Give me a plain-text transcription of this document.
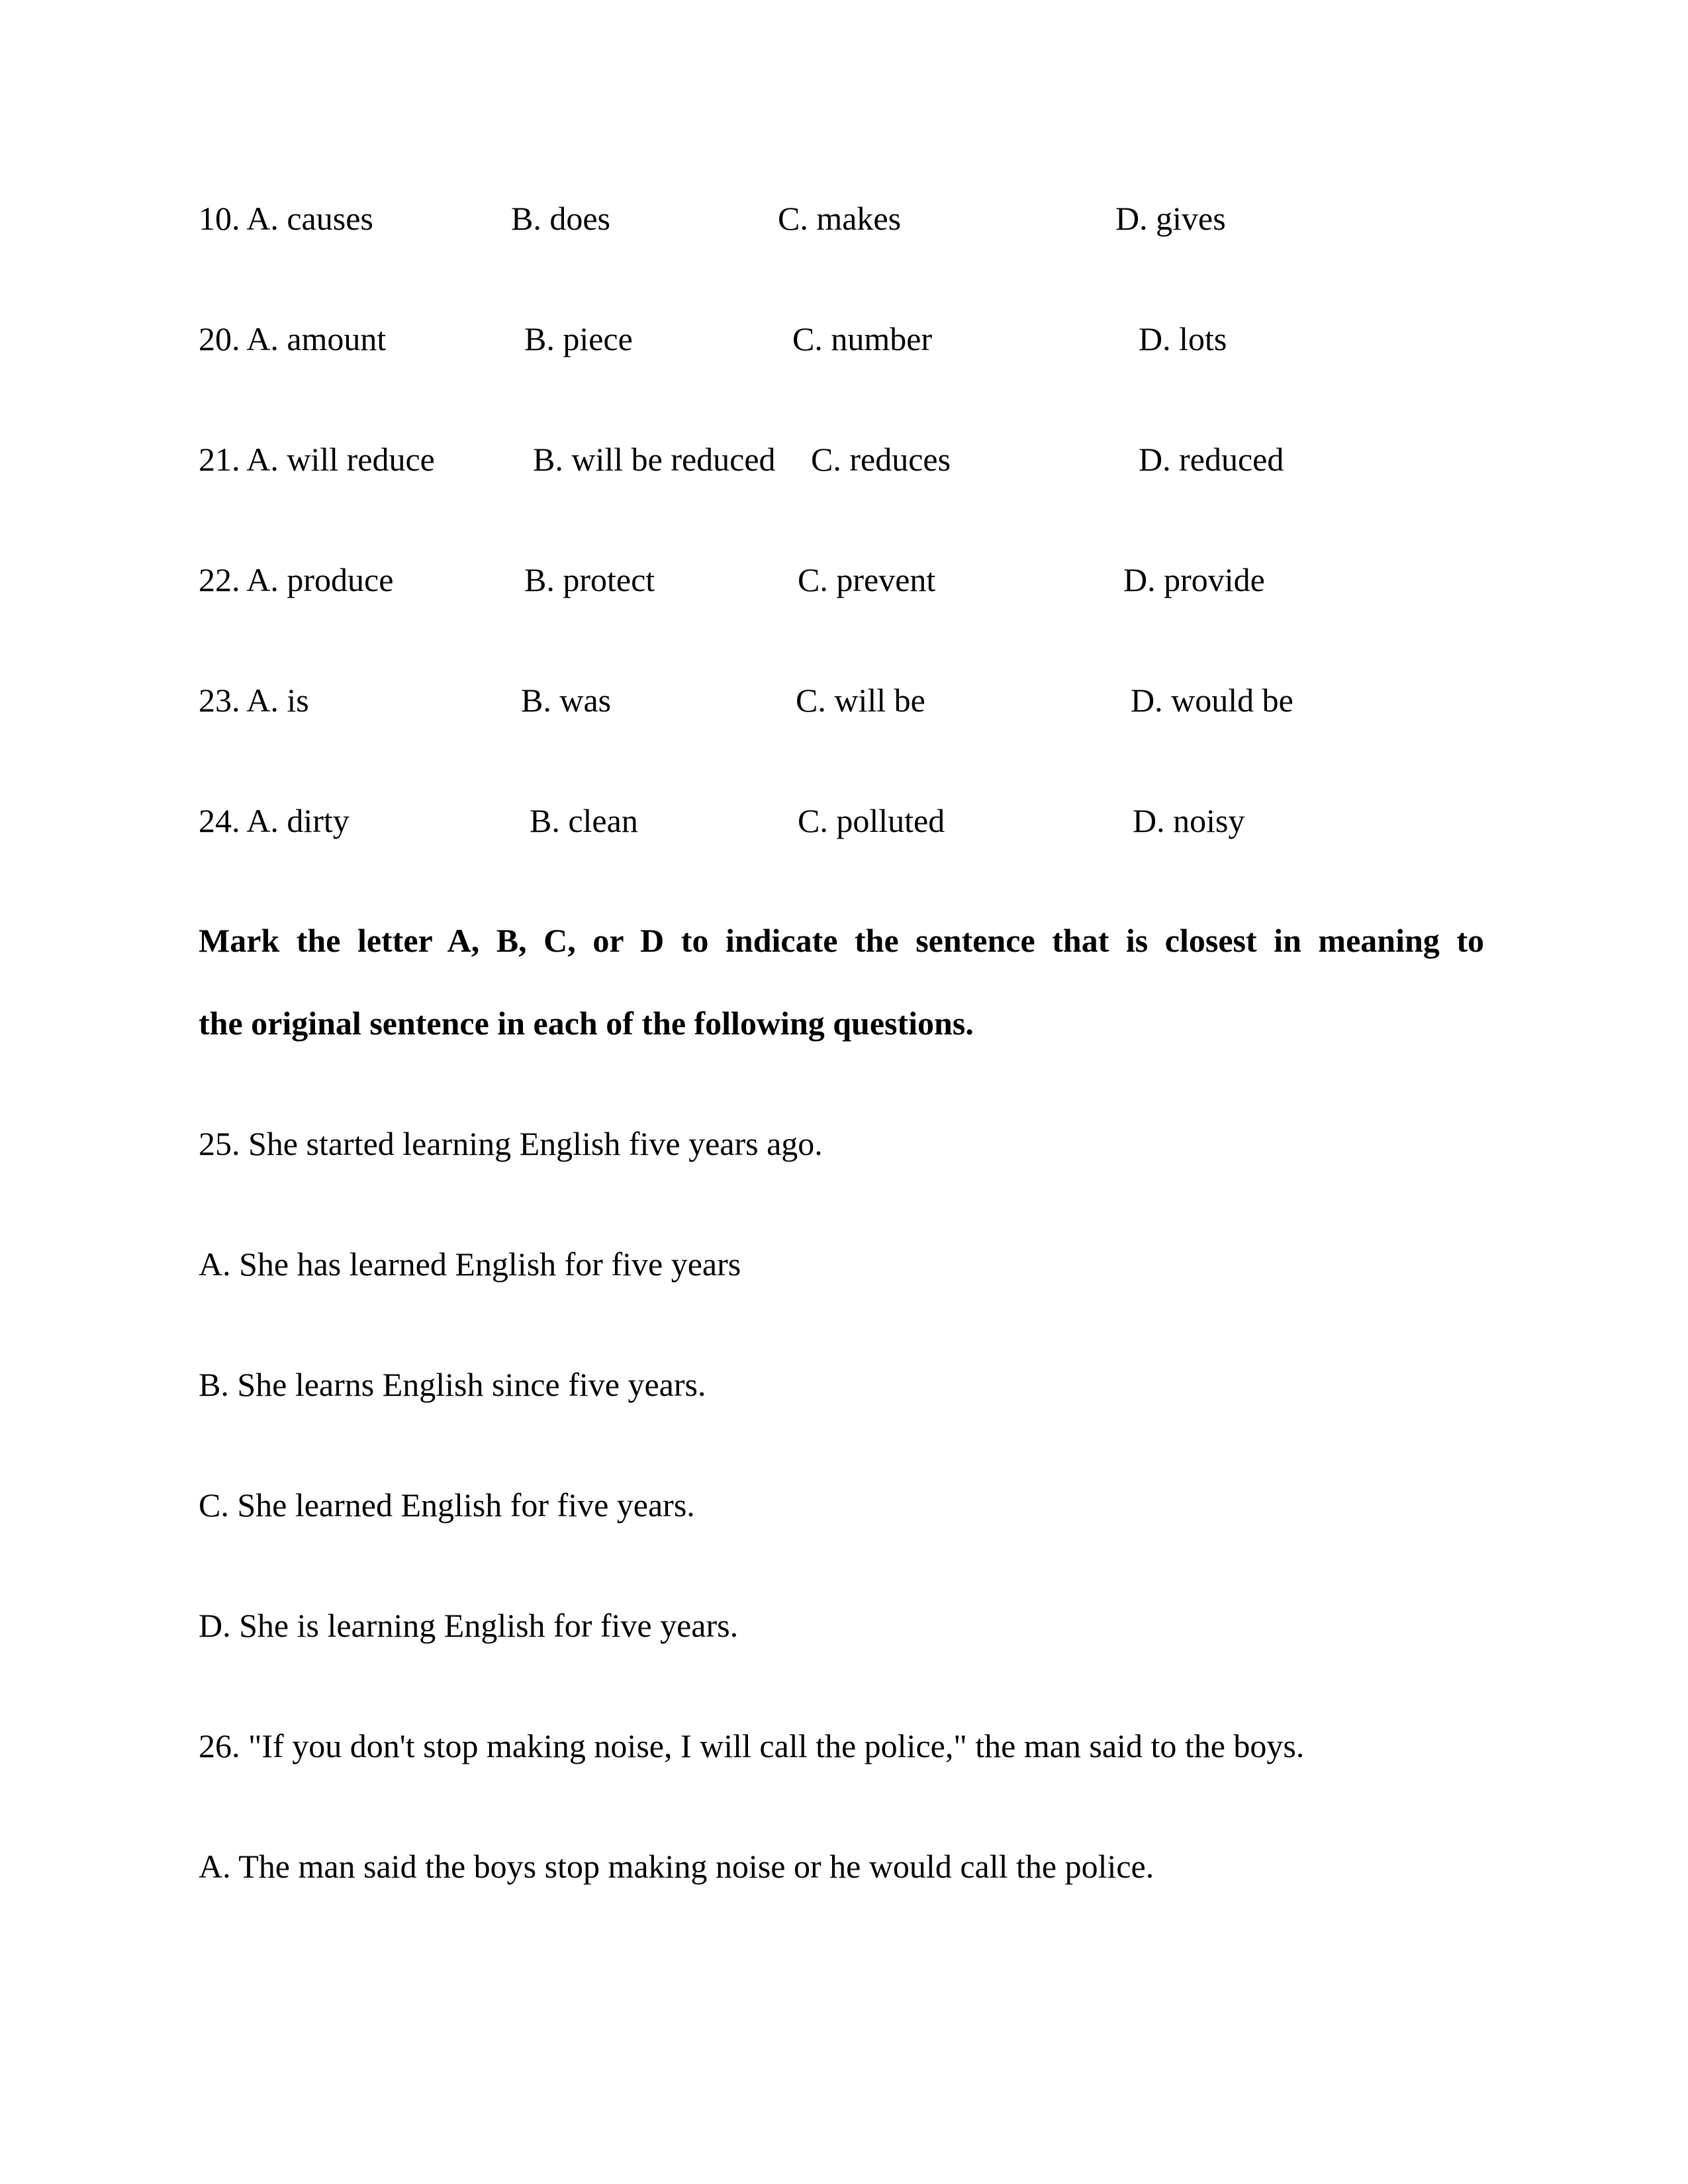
10. A. causes	B. does	C. makes	D. gives
20. A. amount	B. piece	C. number	D. lots
21. A. will reduce	B. will be reduced C. reduces	D. reduced
22. A. produce	B. protect	C. prevent	D. provide
23. A. is	B. was	C. will be	D. would be
24. A. dirty	B. clean	C. polluted	D. noisy
Mark the letter A, B, C, or D to indicate the sentence that is closest in meaning to
the original sentence in each of the following questions.
25. She started learning English five years ago.
A. She has learned English for five years
B. She learns English since five years.
C. She learned English for five years.
D. She is learning English for five years.
26. "If you don't stop making noise, I will call the police," the man said to the boys.
A. The man said the boys stop making noise or he would call the police.
